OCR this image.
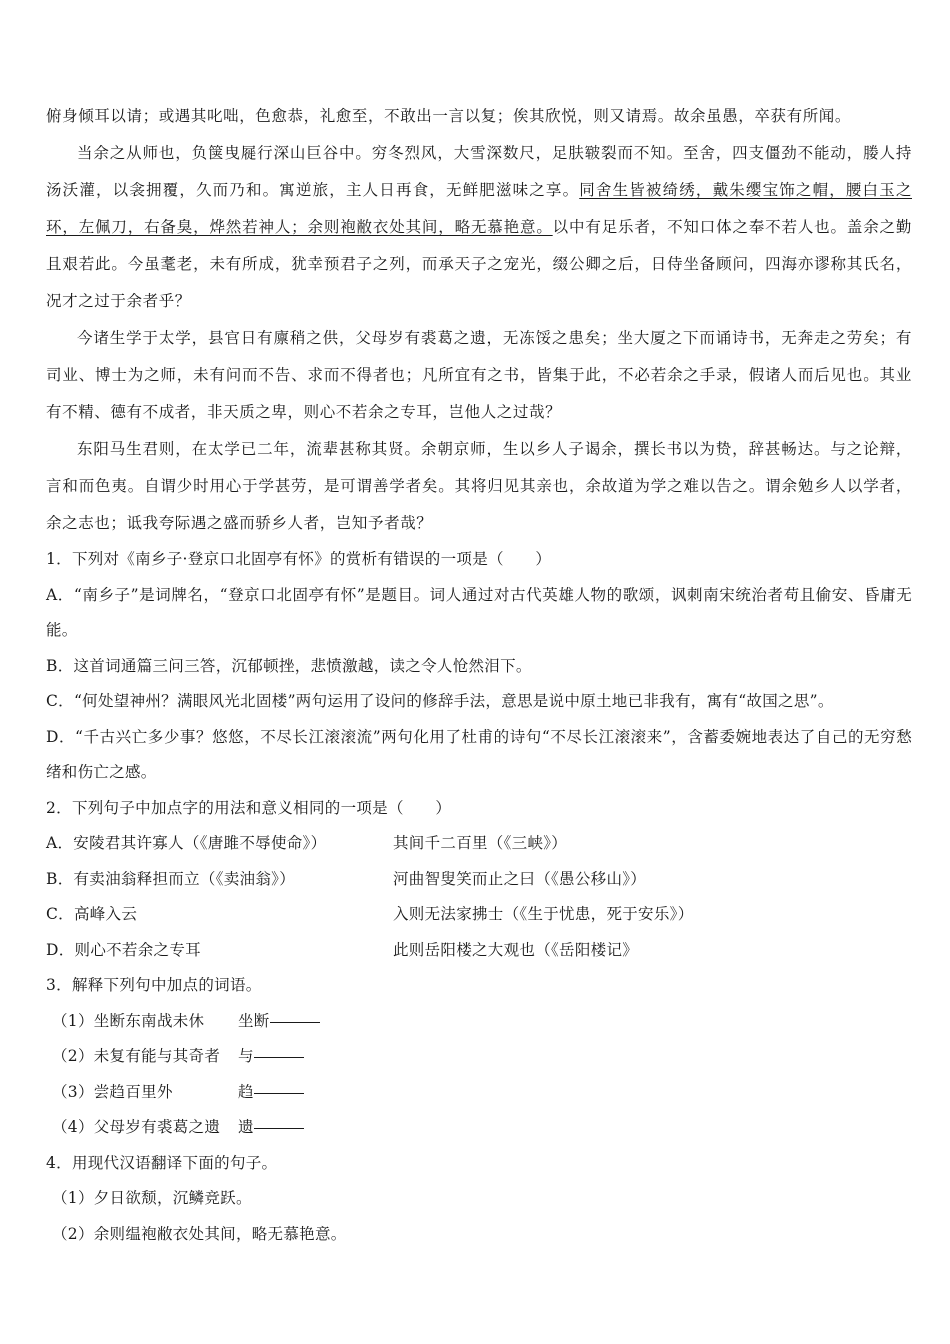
俯身倾耳以请；或遇其叱咄，色愈恭，礼愈至，不敢出一言以复；俟其欣悦，则又请焉。故余虽愚，卒获有所闻。

当余之从师也，负箧曳屣行深山巨谷中。穷冬烈风，大雪深数尺，足肤皲裂而不知。至舍，四支僵劲不能动，媵人持汤沃灌，以衾拥覆，久而乃和。寓逆旅，主人日再食，无鲜肥滋味之享。同舍生皆被绮绣，戴朱缨宝饰之帽，腰白玉之环，左佩刀，右备臭，烨然若神人；余则袍敝衣处其间，略无慕艳意。以中有足乐者，不知口体之奉不若人也。盖余之勤且艰若此。今虽耄老，未有所成，犹幸预君子之列，而承天子之宠光，缀公卿之后，日侍坐备顾问，四海亦谬称其氏名，况才之过于余者乎？

今诸生学于太学，县官日有廪稍之供，父母岁有裘葛之遗，无冻馁之患矣；坐大厦之下而诵诗书，无奔走之劳矣；有司业、博士为之师，未有问而不告、求而不得者也；凡所宜有之书，皆集于此，不必若余之手录，假诸人而后见也。其业有不精、德有不成者，非天质之卑，则心不若余之专耳，岂他人之过哉？

东阳马生君则，在太学已二年，流辈甚称其贤。余朝京师，生以乡人子谒余，撰长书以为贽，辞甚畅达。与之论辩，言和而色夷。自谓少时用心于学甚劳，是可谓善学者矣。其将归见其亲也，余故道为学之难以告之。谓余勉乡人以学者，余之志也；诋我夸际遇之盛而骄乡人者，岂知予者哉？

1．下列对《南乡子·登京口北固亭有怀》的赏析有错误的一项是（　　）

A．“南乡子”是词牌名，“登京口北固亭有怀”是题目。词人通过对古代英雄人物的歌颂，讽刺南宋统治者苟且偷安、昏庸无能。

B．这首词通篇三问三答，沉郁顿挫，悲愤激越，读之令人怆然泪下。

C．“何处望神州？满眼风光北固楼”两句运用了设问的修辞手法，意思是说中原土地已非我有，寓有“故国之思”。

D．“千古兴亡多少事？悠悠，不尽长江滚滚流”两句化用了杜甫的诗句“不尽长江滚滚来”，含蓄委婉地表达了自己的无穷愁绪和伤亡之感。

2．下列句子中加点字的用法和意义相同的一项是（　　）

A．安陵君其许寡人（《唐雎不辱使命》）	其间千二百里（《三峡》）
B．有卖油翁释担而立（《卖油翁》）	河曲智叟笑而止之曰（《愚公移山》）
C．高峰入云	入则无法家拂士（《生于忧患，死于安乐》）
D．则心不若余之专耳	此则岳阳楼之大观也（《岳阳楼记》

3．解释下列句中加点的词语。

（1）坐断东南战未休	坐断
（2）未复有能与其奇者	与
（3）尝趋百里外	趋
（4）父母岁有裘葛之遗	遗

4．用现代汉语翻译下面的句子。

（1）夕日欲颓，沉鳞竞跃。

（2）余则缊袍敝衣处其间，略无慕艳意。
